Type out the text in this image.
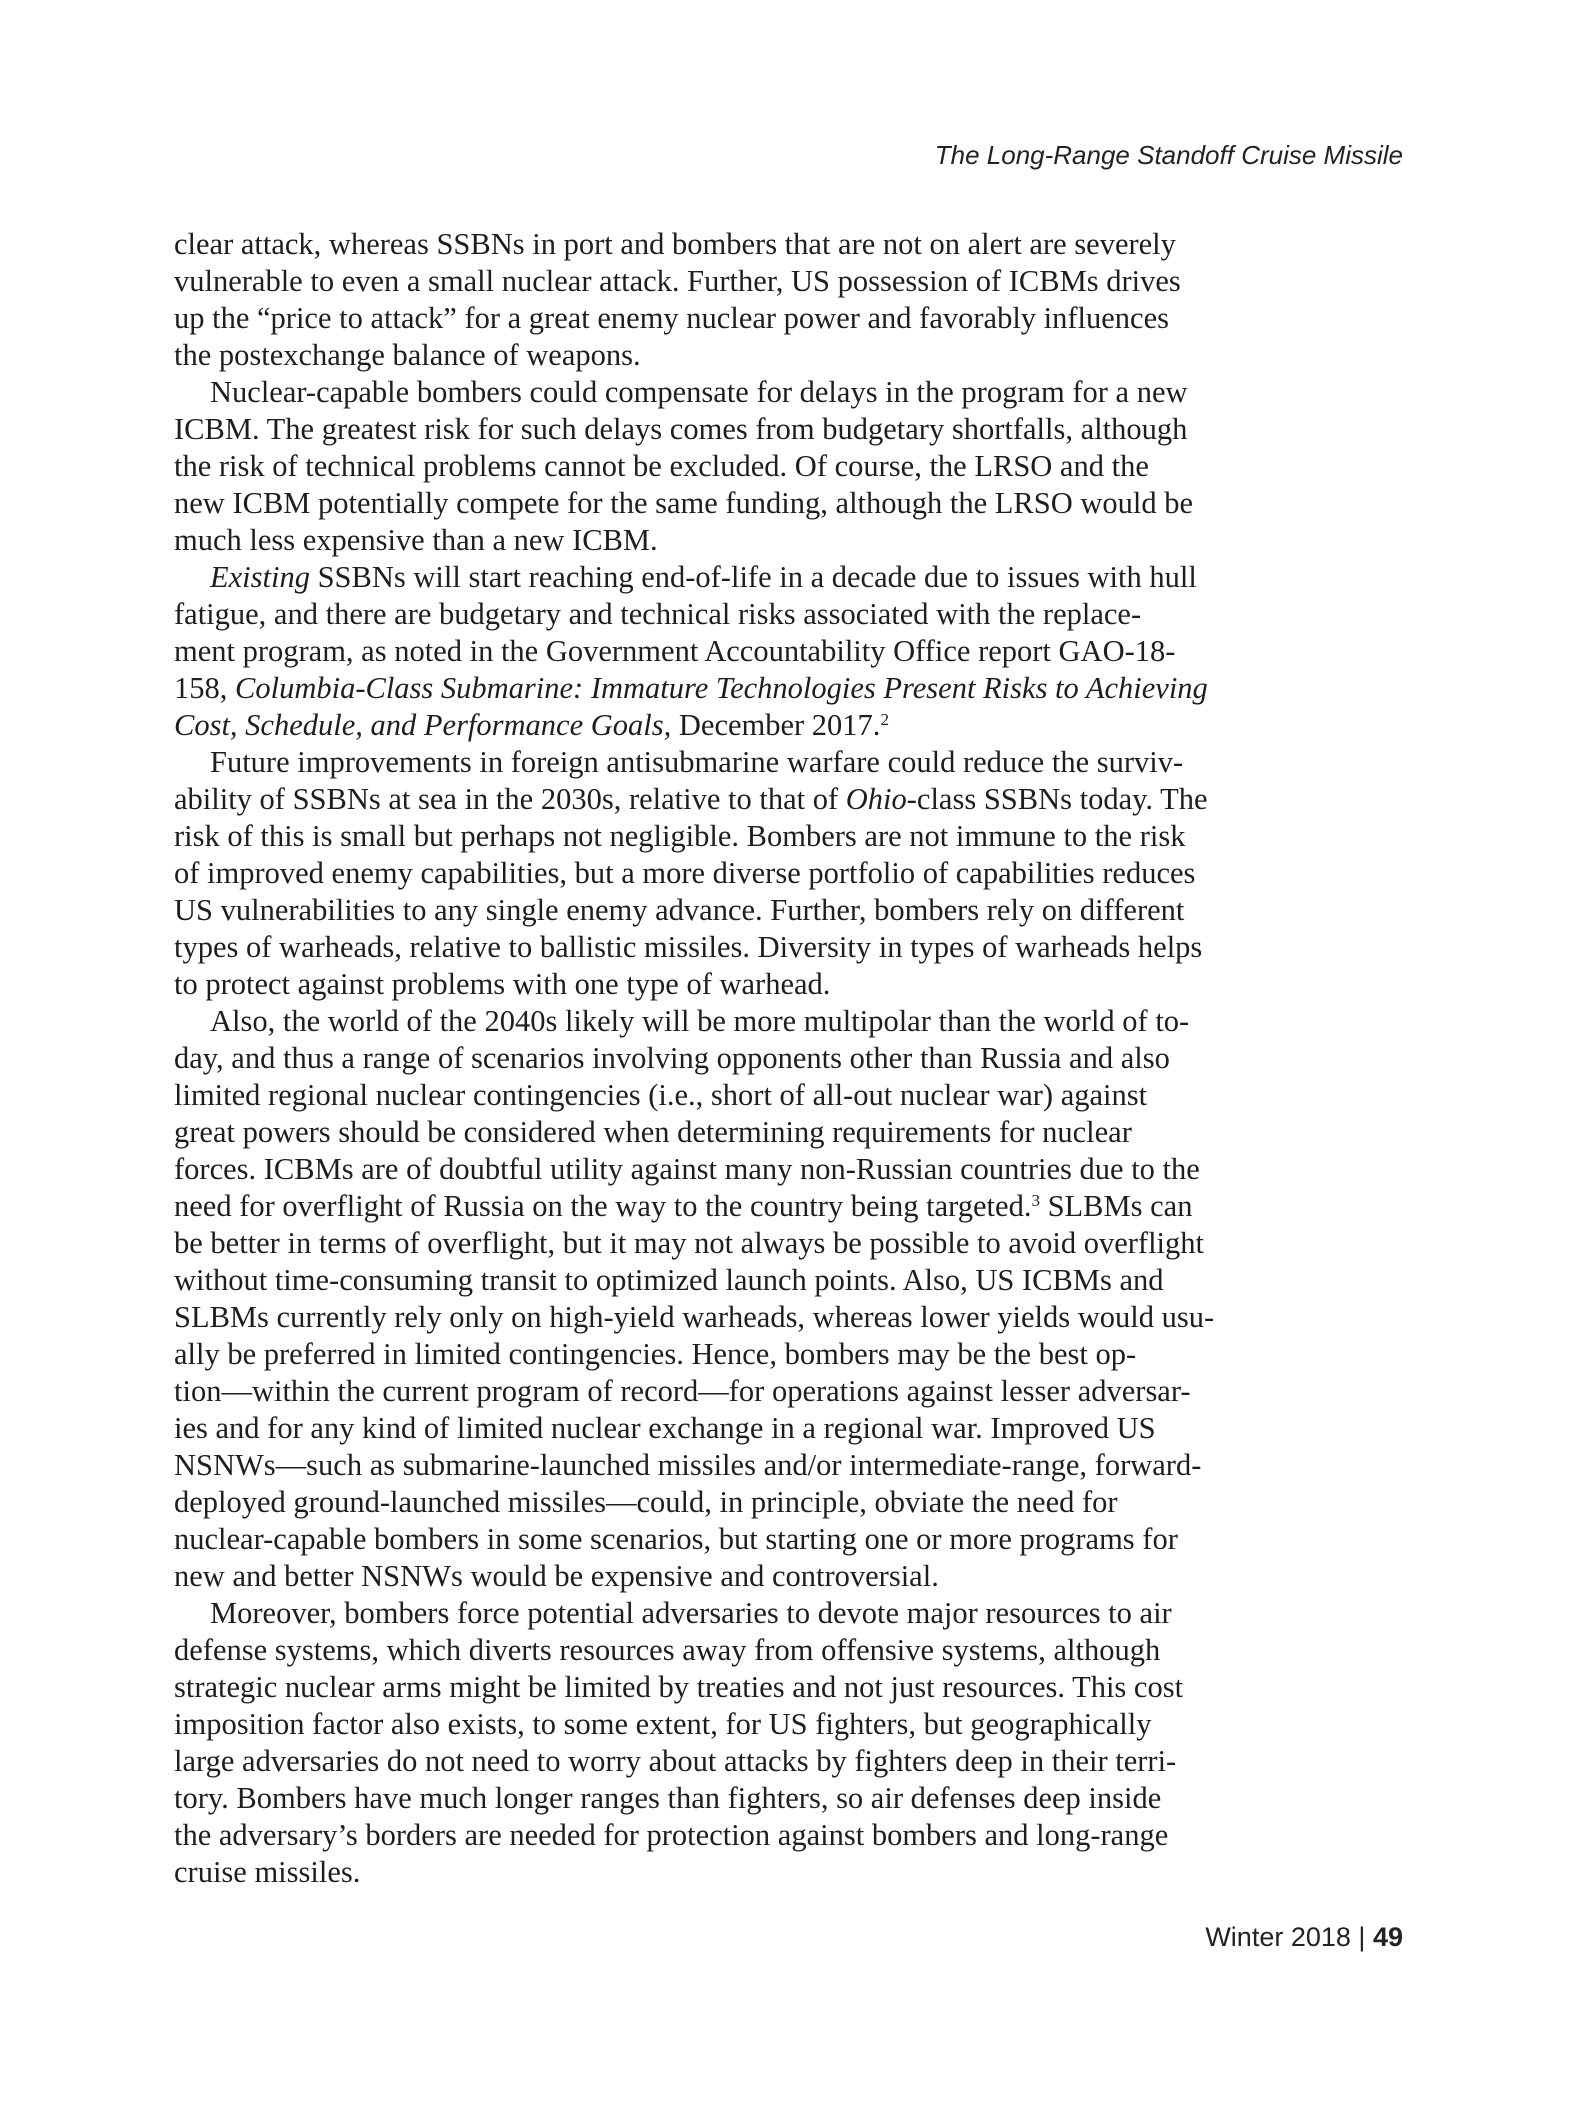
The Long-Range Standoff Cruise Missile

clear attack, whereas SSBNs in port and bombers that are not on alert are severely
vulnerable to even a small nuclear attack. Further, US possession of ICBMs drives
up the “price to attack” for a great enemy nuclear power and favorably influences
the postexchange balance of weapons.

Nuclear-capable bombers could compensate for delays in the program for a new
ICBM. The greatest risk for such delays comes from budgetary shortfalls, although
the risk of technical problems cannot be excluded. Of course, the LRSO and the
new ICBM potentially compete for the same funding, although the LRSO would be
much less expensive than a new ICBM.

Existing SSBNs will start reaching end-of-life in a decade due to issues with hull
fatigue, and there are budgetary and technical risks associated with the replace-
ment program, as noted in the Government Accountability Office report GAO-18-
158, Columbia-Class Submarine: Immature Technologies Present Risks to Achieving
Cost, Schedule, and Performance Goals, December 2017.$^2$

Future improvements in foreign antisubmarine warfare could reduce the surviv-
ability of SSBNs at sea in the 2030s, relative to that of Ohio-class SSBNs today. The
risk of this is small but perhaps not negligible. Bombers are not immune to the risk
of improved enemy capabilities, but a more diverse portfolio of capabilities reduces
US vulnerabilities to any single enemy advance. Further, bombers rely on different
types of warheads, relative to ballistic missiles. Diversity in types of warheads helps
to protect against problems with one type of warhead.

Also, the world of the 2040s likely will be more multipolar than the world of to-
day, and thus a range of scenarios involving opponents other than Russia and also
limited regional nuclear contingencies (i.e., short of all-out nuclear war) against
great powers should be considered when determining requirements for nuclear
forces. ICBMs are of doubtful utility against many non-Russian countries due to the
need for overflight of Russia on the way to the country being targeted.$^3$ SLBMs can
be better in terms of overflight, but it may not always be possible to avoid overflight
without time-consuming transit to optimized launch points. Also, US ICBMs and
SLBMs currently rely only on high-yield warheads, whereas lower yields would usu-
ally be preferred in limited contingencies. Hence, bombers may be the best op-
tion—within the current program of record—for operations against lesser adversar-
ies and for any kind of limited nuclear exchange in a regional war. Improved US
NSNWs—such as submarine-launched missiles and/or intermediate-range, forward-
deployed ground-launched missiles—could, in principle, obviate the need for
nuclear-capable bombers in some scenarios, but starting one or more programs for
new and better NSNWs would be expensive and controversial.

Moreover, bombers force potential adversaries to devote major resources to air
defense systems, which diverts resources away from offensive systems, although
strategic nuclear arms might be limited by treaties and not just resources. This cost
imposition factor also exists, to some extent, for US fighters, but geographically
large adversaries do not need to worry about attacks by fighters deep in their terri-
tory. Bombers have much longer ranges than fighters, so air defenses deep inside
the adversary’s borders are needed for protection against bombers and long-range
cruise missiles.

Winter 2018 | 49
